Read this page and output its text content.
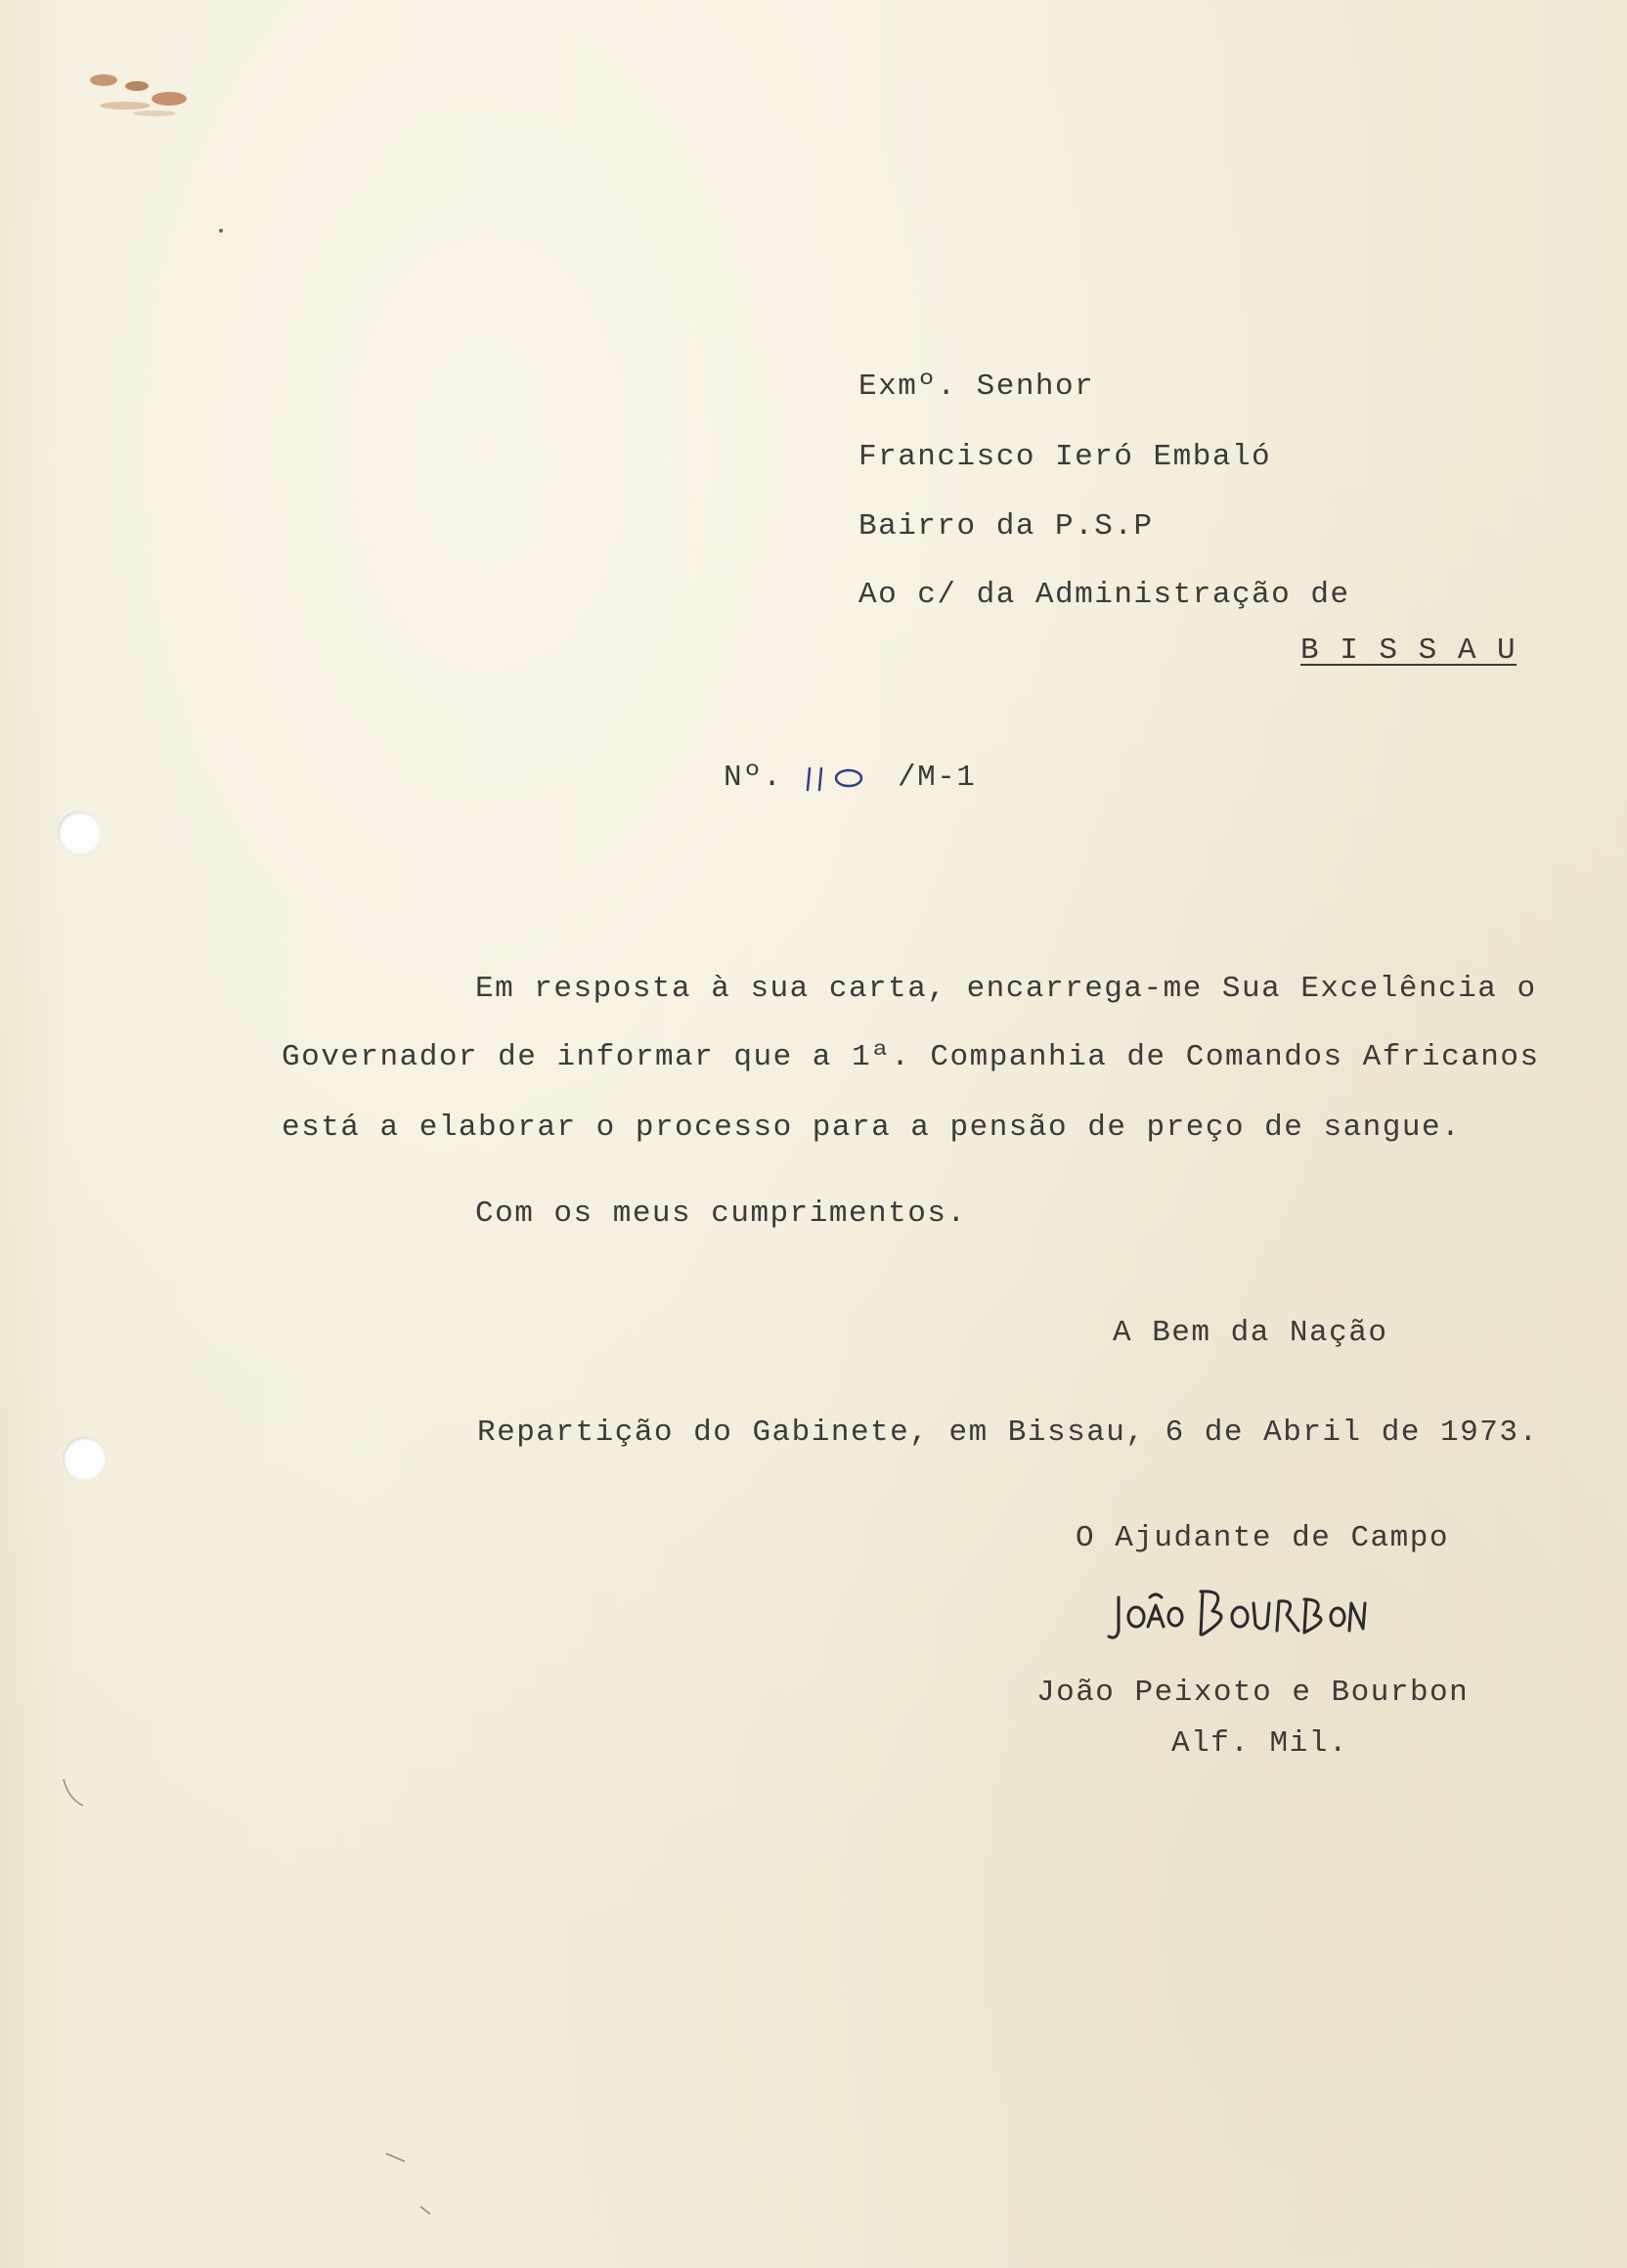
Exmº. Senhor
Francisco Ieró Embaló
Bairro da P.S.P
Ao c/ da Administração de
B I S S A U
Nº.	/M-1
Em resposta à sua carta, encarrega-me Sua Excelência o
Governador de informar que a 1ª. Companhia de Comandos Africanos
está a elaborar o processo para a pensão de preço de sangue.
Com os meus cumprimentos.
A Bem da Nação
Repartição do Gabinete, em Bissau, 6 de Abril de 1973.
O Ajudante de Campo
João Peixoto e Bourbon
Alf. Mil.
